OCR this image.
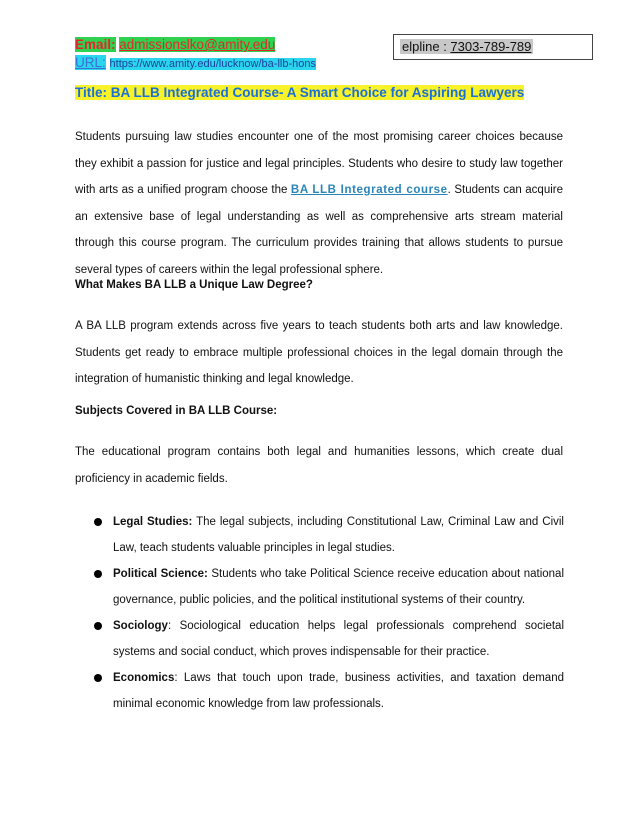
Email: admissionslko@amity.edu
URL: https://www.amity.edu/lucknow/ba-llb-hons
elpline : 7303-789-789
Title: BA LLB Integrated Course- A Smart Choice for Aspiring Lawyers
Students pursuing law studies encounter one of the most promising career choices because they exhibit a passion for justice and legal principles. Students who desire to study law together with arts as a unified program choose the BA LLB Integrated course. Students can acquire an extensive base of legal understanding as well as comprehensive arts stream material through this course program. The curriculum provides training that allows students to pursue several types of careers within the legal professional sphere.
What Makes BA LLB a Unique Law Degree?
A BA LLB program extends across five years to teach students both arts and law knowledge. Students get ready to embrace multiple professional choices in the legal domain through the integration of humanistic thinking and legal knowledge.
Subjects Covered in BA LLB Course:
The educational program contains both legal and humanities lessons, which create dual proficiency in academic fields.
Legal Studies: The legal subjects, including Constitutional Law, Criminal Law and Civil Law, teach students valuable principles in legal studies.
Political Science: Students who take Political Science receive education about national governance, public policies, and the political institutional systems of their country.
Sociology: Sociological education helps legal professionals comprehend societal systems and social conduct, which proves indispensable for their practice.
Economics: Laws that touch upon trade, business activities, and taxation demand minimal economic knowledge from law professionals.
